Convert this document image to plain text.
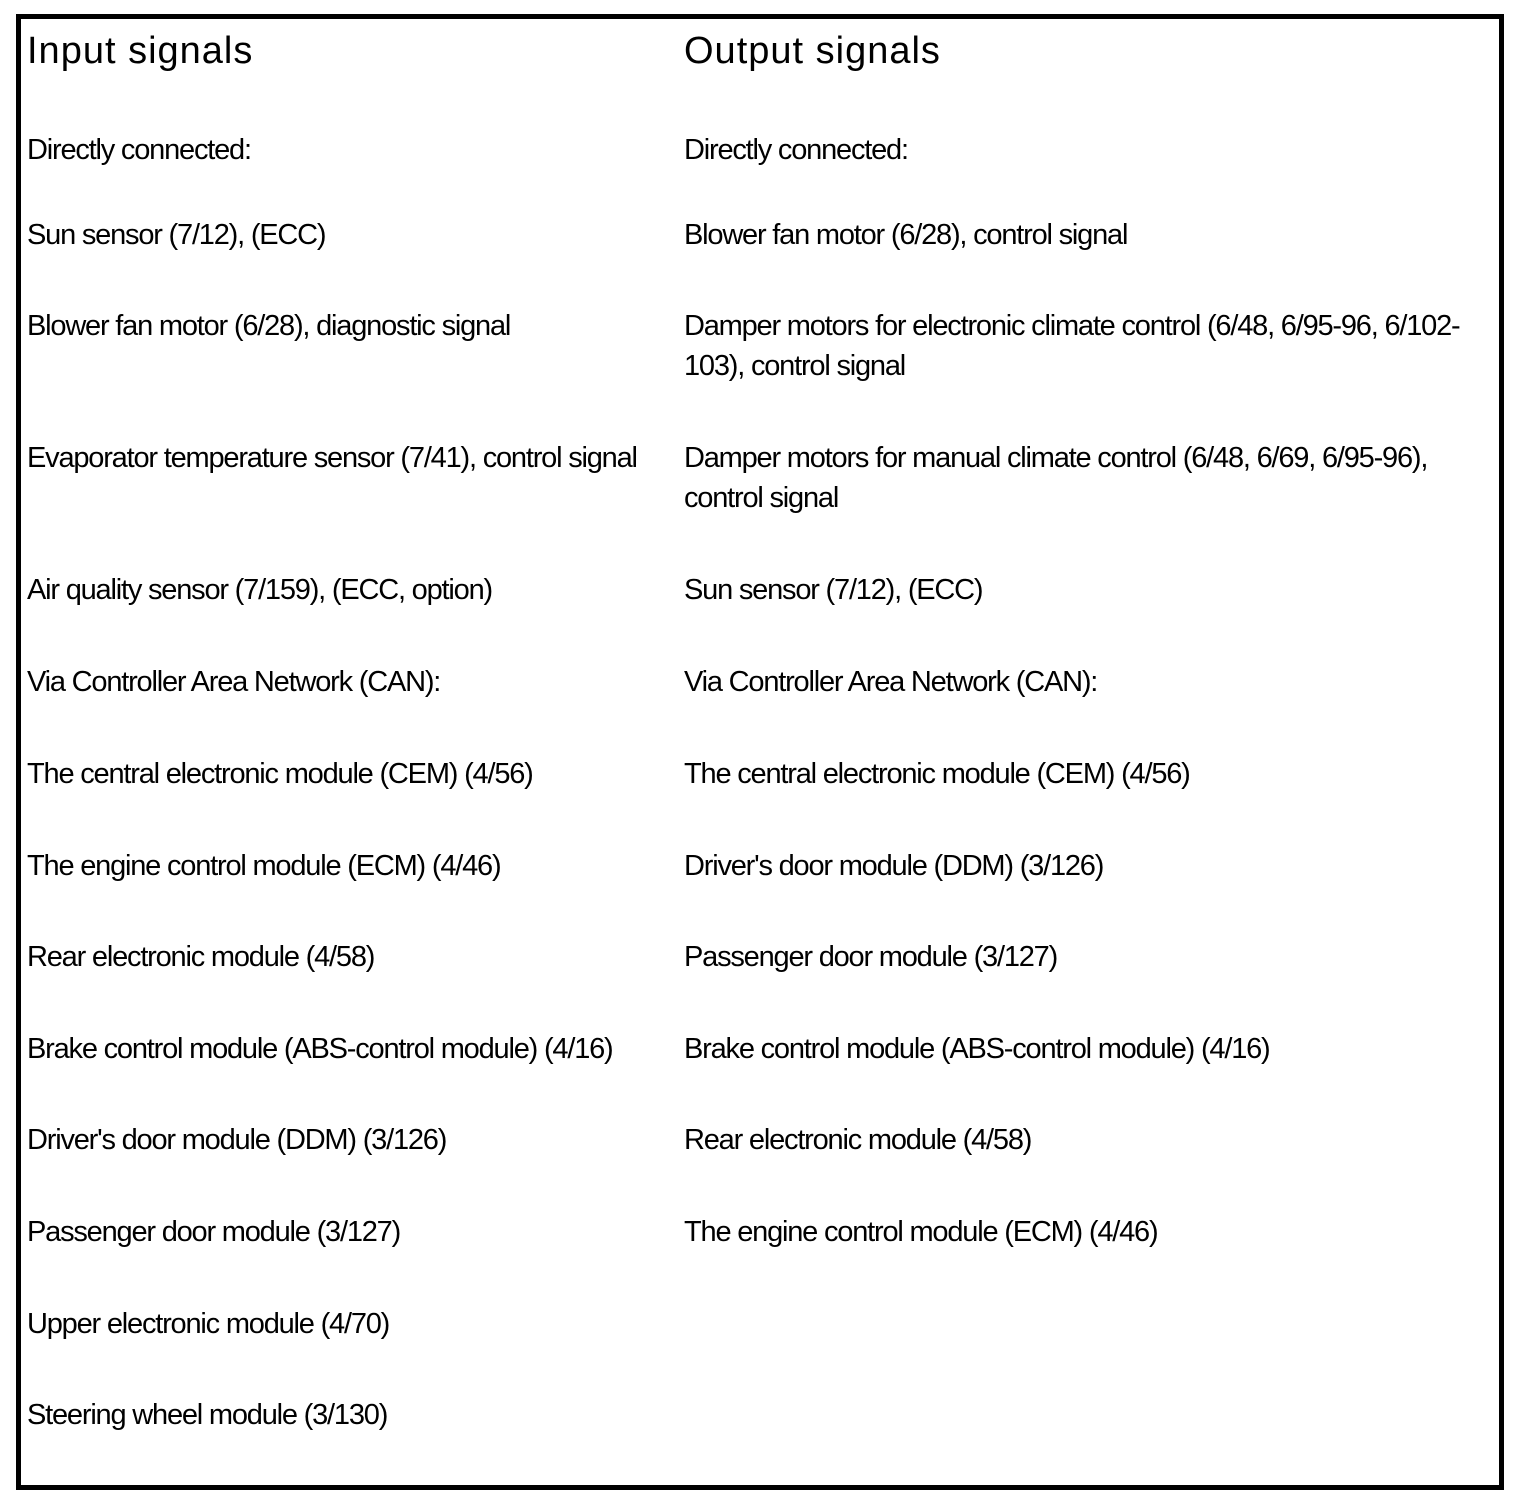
Input signals
Directly connected:
Sun sensor (7/12), (ECC)
Blower fan motor (6/28), diagnostic signal
Evaporator temperature sensor (7/41), control signal
Air quality sensor (7/159), (ECC, option)
Via Controller Area Network (CAN):
The central electronic module (CEM) (4/56)
The engine control module (ECM) (4/46)
Rear electronic module (4/58)
Brake control module (ABS-control module) (4/16)
Driver's door module (DDM) (3/126)
Passenger door module (3/127)
Upper electronic module (4/70)
Steering wheel module (3/130)
Output signals
Directly connected:
Blower fan motor (6/28), control signal
Damper motors for electronic climate control (6/48, 6/95-96, 6/102-103), control signal
Damper motors for manual climate control (6/48, 6/69, 6/95-96), control signal
Sun sensor (7/12), (ECC)
Via Controller Area Network (CAN):
The central electronic module (CEM) (4/56)
Driver's door module (DDM) (3/126)
Passenger door module (3/127)
Brake control module (ABS-control module) (4/16)
Rear electronic module (4/58)
The engine control module (ECM) (4/46)
